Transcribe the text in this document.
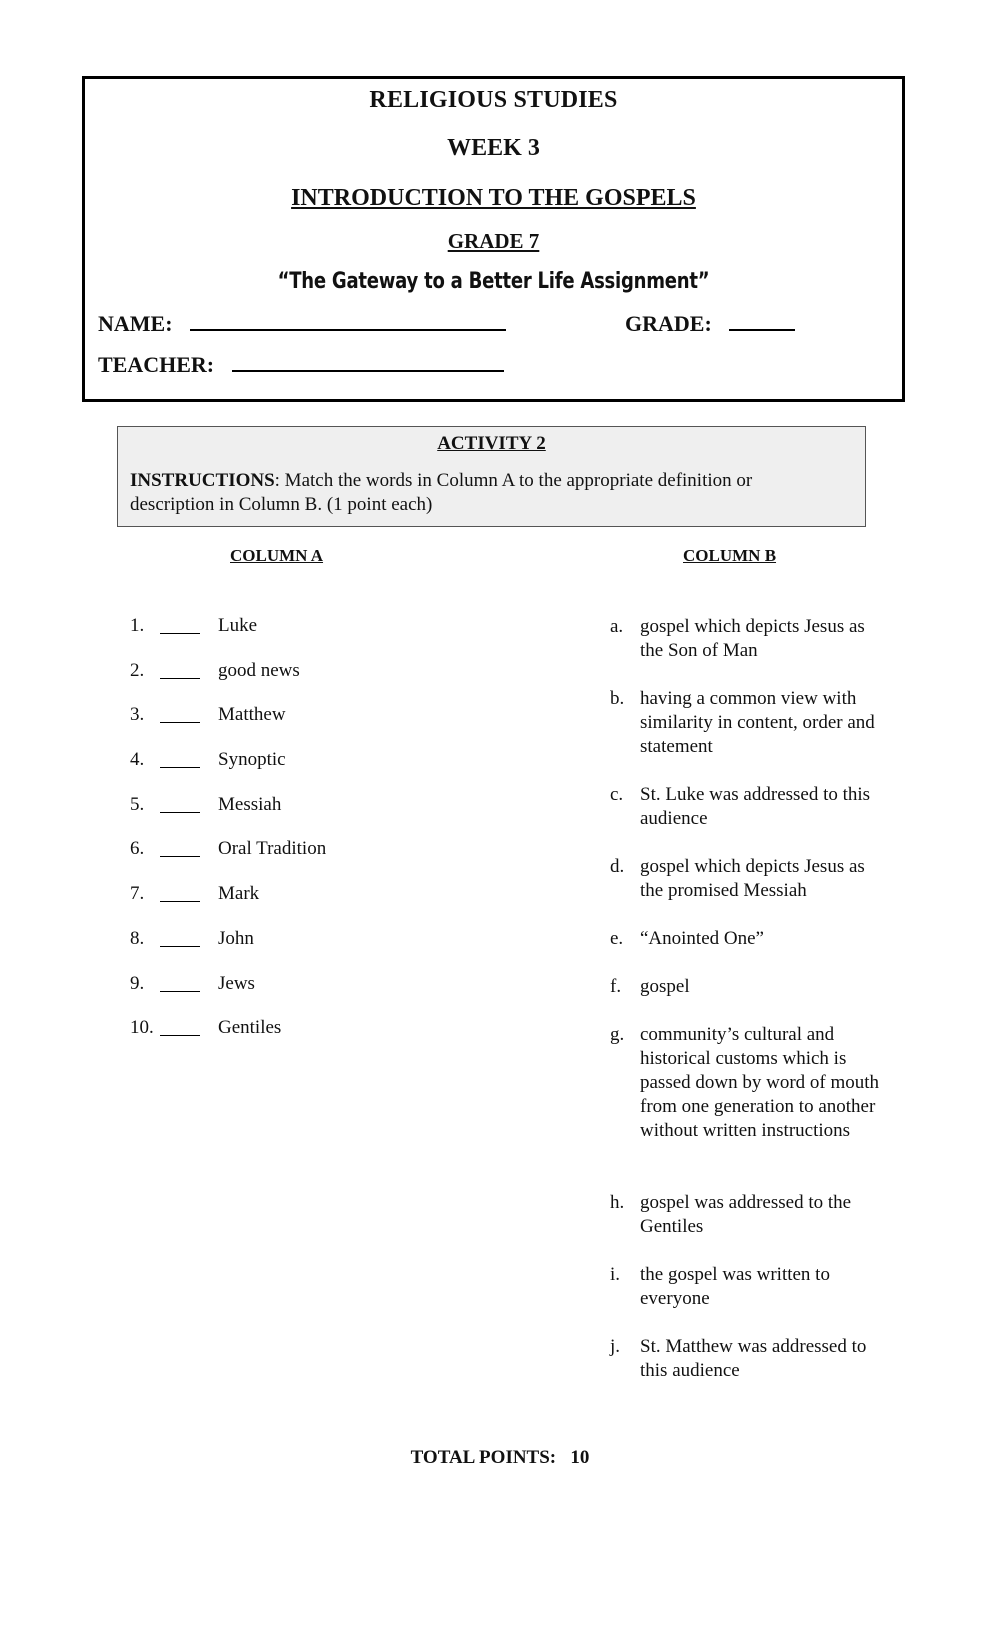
RELIGIOUS STUDIES
WEEK 3
INTRODUCTION TO THE GOSPELS
GRADE 7
“The Gateway to a Better Life Assignment”
NAME:	GRADE:
TEACHER:
ACTIVITY 2
INSTRUCTIONS: Match the words in Column A to the appropriate definition or description in Column B. (1 point each)
COLUMN A	COLUMN B
1.	Luke
2.	good news
3.	Matthew
4.	Synoptic
5.	Messiah
6.	Oral Tradition
7.	Mark
8.	John
9.	Jews
10.	Gentiles
a. gospel which depicts Jesus as the Son of Man
b. having a common view with similarity in content, order and statement
c. St. Luke was addressed to this audience
d. gospel which depicts Jesus as the promised Messiah
e. “Anointed One”
f. gospel
g. community’s cultural and historical customs which is passed down by word of mouth from one generation to another without written instructions
h. gospel was addressed to the Gentiles
i. the gospel was written to everyone
j. St. Matthew was addressed to this audience
TOTAL POINTS: 10
